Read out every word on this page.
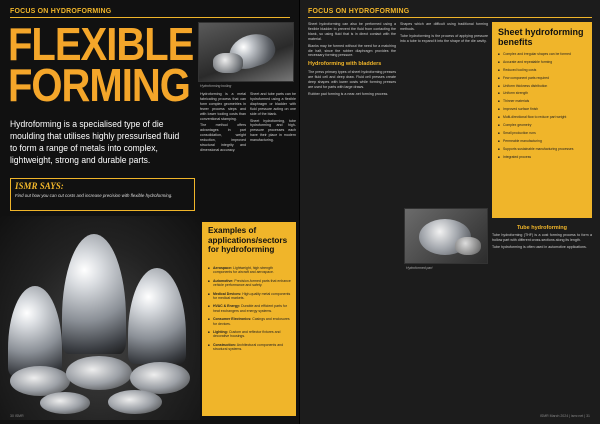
FOCUS ON HYDROFORMING
FLEXIBLE
FORMING
Hydroforming is a specialised type of die moulding that utilises highly pressurised fluid to form a range of metals into complex, lightweight, strong and durable parts.
ISMR SAYS:
Find out how you can cut costs and increase precision with flexible hydroforming.
Hydroforming tooling

Hydroforming is a metal fabricating process that can form complex geometries in fewer process steps and with lower tooling costs than conventional stamping.

The method offers advantages in part consolidation, weight reduction, improved structural integrity and dimensional accuracy.

Sheet and tube parts can be hydroformed using a flexible diaphragm or bladder with fluid pressure acting on one side of the blank.

Sheet hydroforming, tube hydroforming and high-pressure processes each have their place in modern manufacturing.

Examples of applications/sectors for hydroforming
■ Aerospace: Lightweight, high strength components for aircraft and aerospace.
■ Automotive: Precision-formed parts that enhance vehicle performance and safety.
■ Medical Devices: High-quality metal components for medical markets.
■ HVAC & Energy: Durable and efficient parts for heat exchangers and energy systems.
■ Consumer Electronics: Casings and enclosures for devices.
■ Lighting: Custom and reflector fixtures and decorative housings.
■ Construction: Architectural components and structural systems.
30 ISMR
FOCUS ON HYDROFORMING

Sheet hydroforming can also be performed using a flexible bladder to prevent the fluid from contacting the blank, so using fluid that is in direct contact with the material.

Blanks may be formed without the need for a matching die half, since the rubber diaphragm provides the necessary forming pressure.

Hydroforming with bladders

The press primary types of sheet hydroforming presses are fluid cell and deep draw. Fluid cell presses create deep shapes with lower costs while forming presses are used for parts with large draws.

Rubber pad forming is a near-net forming process.

Shapes which are difficult using traditional forming methods.

Tube hydroforming is the process of applying pressure into a tube to expand it into the shape of the die cavity.

Hydroformed part
Tube hydroforming

Tube hydroforming (THF) is a cost forming process to form a hollow part with different cross-sections along its length.

Tube hydroforming is often used in automotive applications.

Sheet hydroforming benefits
■ Complex and irregular shapes can be formed
■ Accurate and repeatable forming
■ Reduced tooling costs
■ Few component parts required
■ Uniform thickness distribution
■ Uniform strength
■ Thinner materials
■ Improved surface finish
■ Multi-directional flow to reduce part weight
■ Complex geometry
■ Small production runs
■ Permeable manufacturing
■ Supports sustainable manufacturing processes
■ Integrated process
ISMR March 2024 | ismr.net | 31
